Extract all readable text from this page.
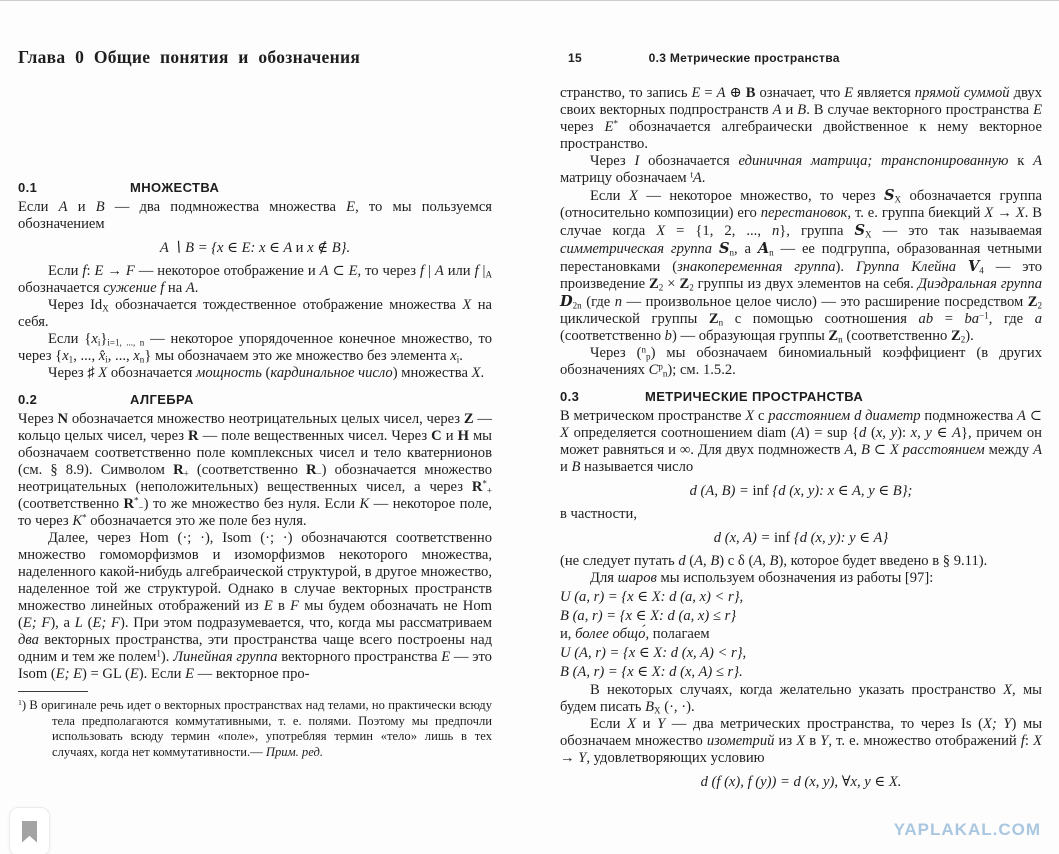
Глава 0 Общие понятия и обозначения
0.1	МНОЖЕСТВА

Если A и B — два подмножества множества E, то мы пользуемся обозначением

A ∖ B = {x ∈ E: x ∈ A и x ∉ B}.

Если f: E → F — некоторое отображение и A ⊂ E, то через f | A или f $|_A$ обозначается сужение f на A.

Через $Id_X$ обозначается тождественное отображение множества X на себя.

Если $\{x_i\}_{i=1, ..., n}$ — некоторое упорядоченное конечное множество, то через {$x_1$, ..., $x̂_i$, ..., $x_n$} мы обозначаем это же множество без элемента $x_i$.

Через ♯ X обозначается мощность (кардинальное число) множества X.

0.2	АЛГЕБРА

Через N обозначается множество неотрицательных целых чисел, через Z — кольцо целых чисел, через R — поле вещественных чисел. Через C и H мы обозначаем соответственно поле комплексных чисел и тело кватернионов (см. § 8.9). Символом $R_+$ (соответственно $R_-$) обозначается множество неотрицательных (неположительных) вещественных чисел, а через $R^*_+$ (соответственно $R^*_-$) то же множество без нуля. Если K — некоторое поле, то через K* обозначается это же поле без нуля.

Далее, через Hom (·; ·), Isom (·; ·) обозначаются соответственно множество гомоморфизмов и изоморфизмов некоторого множества, наделенного какой-нибудь алгебраической структурой, в другое множество, наделенное той же структурой. Однако в случае векторных пространств множество линейных отображений из E в F мы будем обозначать не Hom (E; F), а L (E; F). При этом подразумевается, что, когда мы рассматриваем два векторных пространства, эти пространства чаще всего построены над одним и тем же полем$^1$). Линейная группа векторного пространства E — это Isom (E; E) = GL (E). Если E — векторное про-

$^1$) В оригинале речь идет о векторных пространствах над телами, но практически всюду тела предполагаются коммутативными, т. е. полями. Поэтому мы предпочли использовать всюду термин «поле», употребляя термин «тело» лишь в тех случаях, когда нет коммутативности.— Прим. ред.

15	0.3 Метрические пространства

странство, то запись E = A ⊕ B означает, что E является прямой суммой двух своих векторных подпространств A и B. В случае векторного пространства E через E* обозначается алгебраически двойственное к нему векторное пространство.

Через I обозначается единичная матрица; транспонированную к A матрицу обозначаем $^t$A.

Если X — некоторое множество, то через $S_X$ обозначается группа (относительно композиции) его перестановок, т. е. группа биекций X → X. В случае когда X = {1, 2, ..., n}, группа $S_X$ — это так называемая симметрическая группа $S_n$, а $A_n$ — ее подгруппа, образованная четными перестановками (знакопеременная группа). Группа Клейна $V_4$ — это произведение $Z_2 \times Z_2$ группы из двух элементов на себя. Диэдральная группа $D_{2n}$ (где n — произвольное целое число) — это расширение посредством $Z_2$ циклической группы $Z_n$ с помощью соотношения ab = $ba^{-1}$, где a (соответственно b) — образующая группы $Z_n$ (соответственно $Z_2$).

Через ($^n_p$) мы обозначаем биномиальный коэффициент (в других обозначениях $C^p_n$); см. 1.5.2.

0.3	МЕТРИЧЕСКИЕ ПРОСТРАНСТВА

В метрическом пространстве X с расстоянием d диаметр подмножества A ⊂ X определяется соотношением diam (A) = sup {d (x, y): x, y ∈ A}, причем он может равняться и ∞. Для двух подмножеств A, B ⊂ X расстоянием между A и B называется число

d (A, B) = inf {d (x, y): x ∈ A, y ∈ B};

в частности,

d (x, A) = inf {d (x, y): y ∈ A}

(не следует путать d (A, B) с δ (A, B), которое будет введено в § 9.11).

Для шаров мы используем обозначения из работы [97]:

U (a, r) = {x ∈ X: d (a, x) < r},
B (a, r) = {x ∈ X: d (a, x) ≤ r}

и, более общо́, полагаем

U (A, r) = {x ∈ X: d (x, A) < r},
B (A, r) = {x ∈ X: d (x, A) ≤ r}.

В некоторых случаях, когда желательно указать пространство X, мы будем писать $B_X$ (·, ·).

Если X и Y — два метрических пространства, то через Is (X; Y) мы обозначаем множество изометрий из X в Y, т. е. множество отображений f: X → Y, удовлетворяющих условию

d (f (x), f (y)) = d (x, y), ∀x, y ∈ X.
YAPLAKAL.COM
